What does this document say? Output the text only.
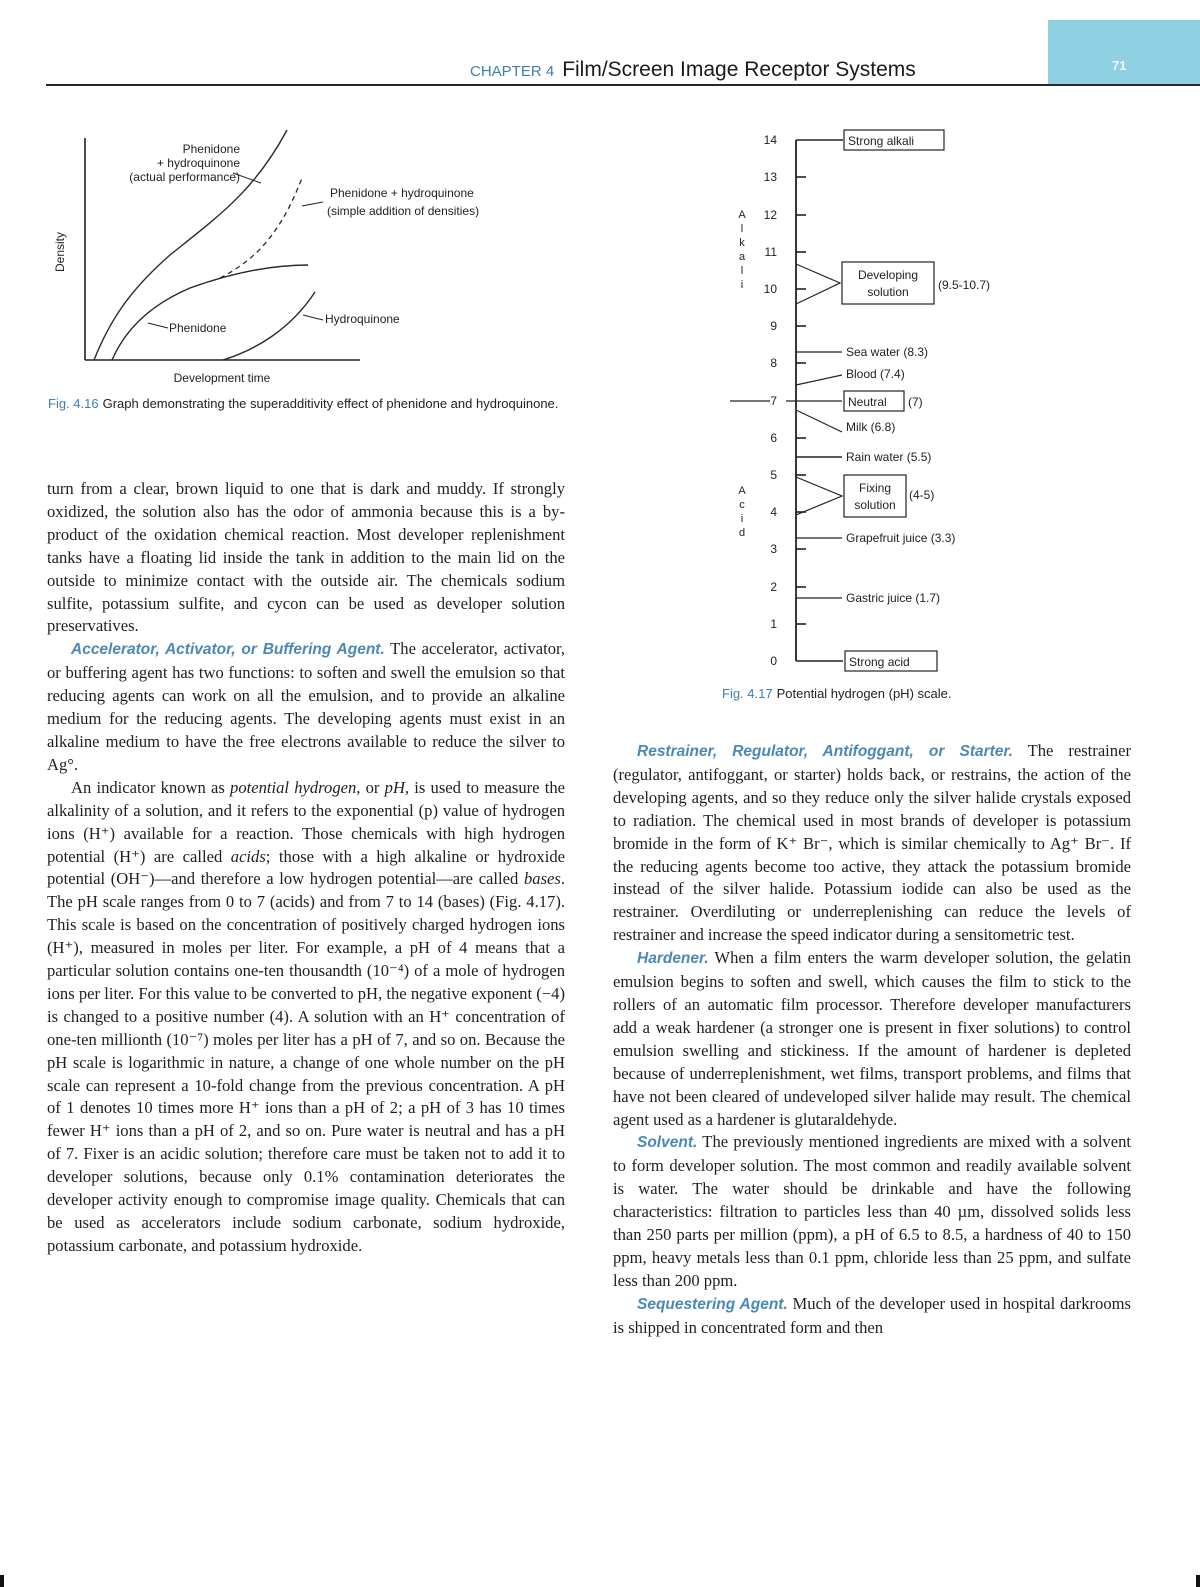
71
CHAPTER 4 Film/Screen Image Receptor Systems
Density
Phenidone
+ hydroquinone
(actual performance)
Phenidone + hydroquinone
(simple addition of densities)
Phenidone
Hydroquinone
Development time
Fig. 4.16 Graph demonstrating the superadditivity effect of phenidone and hydroquinone.
14
13
12
11
10
9
8
7
6
5
4
3
2
1
0
A
l
k
a
l
i
A
c
i
d
Strong alkali
Developing
solution (9.5-10.7)
Sea water (8.3)
Blood (7.4)
Neutral (7)
Milk (6.8)
Rain water (5.5)
Fixing
solution
(4-5)
Grapefruit juice (3.3)
Gastric juice (1.7)
Strong acid
Fig. 4.17 Potential hydrogen (pH) scale.

turn from a clear, brown liquid to one that is dark and muddy. If strongly oxidized, the solution also has the odor of ammonia because this is a by-product of the oxidation chemical reaction. Most developer replenishment tanks have a floating lid inside the tank in addition to the main lid on the outside to minimize contact with the outside air. The chemicals sodium sulfite, potassium sulfite, and cycon can be used as developer solution preservatives.

Accelerator, Activator, or Buffering Agent. The accelerator, activator, or buffering agent has two functions: to soften and swell the emulsion so that reducing agents can work on all the emulsion, and to provide an alkaline medium for the reducing agents. The developing agents must exist in an alkaline medium to have the free electrons available to reduce the silver to Ag°.

An indicator known as potential hydrogen, or pH, is used to measure the alkalinity of a solution, and it refers to the exponential (p) value of hydrogen ions (H⁺) available for a reaction. Those chemicals with high hydrogen potential (H⁺) are called acids; those with a high alkaline or hydroxide potential (OH⁻)—and therefore a low hydrogen potential—are called bases. The pH scale ranges from 0 to 7 (acids) and from 7 to 14 (bases) (Fig. 4.17). This scale is based on the concentration of positively charged hydrogen ions (H⁺), measured in moles per liter. For example, a pH of 4 means that a particular solution contains one-ten thousandth (10⁻⁴) of a mole of hydrogen ions per liter. For this value to be converted to pH, the negative exponent (−4) is changed to a positive number (4). A solution with an H⁺ concentration of one-ten millionth (10⁻⁷) moles per liter has a pH of 7, and so on. Because the pH scale is logarithmic in nature, a change of one whole number on the pH scale can represent a 10-fold change from the previous concentration. A pH of 1 denotes 10 times more H⁺ ions than a pH of 2; a pH of 3 has 10 times fewer H⁺ ions than a pH of 2, and so on. Pure water is neutral and has a pH of 7. Fixer is an acidic solution; therefore care must be taken not to add it to developer solutions, because only 0.1% contamination deteriorates the developer activity enough to compromise image quality. Chemicals that can be used as accelerators include sodium carbonate, sodium hydroxide, potassium carbonate, and potassium hydroxide.

Restrainer, Regulator, Antifoggant, or Starter. The restrainer (regulator, antifoggant, or starter) holds back, or restrains, the action of the developing agents, and so they reduce only the silver halide crystals exposed to radiation. The chemical used in most brands of developer is potassium bromide in the form of K⁺ Br⁻, which is similar chemically to Ag⁺ Br⁻. If the reducing agents become too active, they attack the potassium bromide instead of the silver halide. Potassium iodide can also be used as the restrainer. Overdiluting or underreplenishing can reduce the levels of restrainer and increase the speed indicator during a sensitometric test.

Hardener. When a film enters the warm developer solution, the gelatin emulsion begins to soften and swell, which causes the film to stick to the rollers of an automatic film processor. Therefore developer manufacturers add a weak hardener (a stronger one is present in fixer solutions) to control emulsion swelling and stickiness. If the amount of hardener is depleted because of underreplenishment, wet films, transport problems, and films that have not been cleared of undeveloped silver halide may result. The chemical agent used as a hardener is glutaraldehyde.

Solvent. The previously mentioned ingredients are mixed with a solvent to form developer solution. The most common and readily available solvent is water. The water should be drinkable and have the following characteristics: filtration to particles less than 40 µm, dissolved solids less than 250 parts per million (ppm), a pH of 6.5 to 8.5, a hardness of 40 to 150 ppm, heavy metals less than 0.1 ppm, chloride less than 25 ppm, and sulfate less than 200 ppm.

Sequestering Agent. Much of the developer used in hospital darkrooms is shipped in concentrated form and then
